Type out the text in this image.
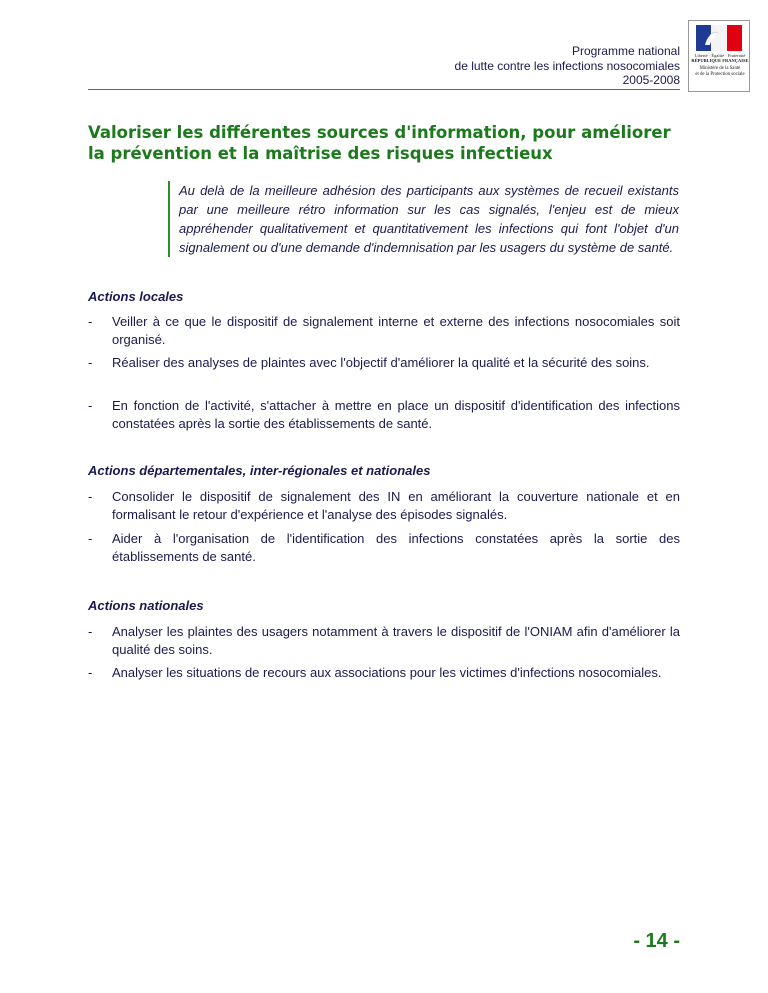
Programme national
de lutte contre les infections nosocomiales
2005-2008
Liberté · Égalité · Fraternité
RÉPUBLIQUE FRANÇAISE
Ministère de la Santé
et de la Protection sociale
Valoriser les différentes sources d'information, pour améliorer la prévention et la maîtrise des risques infectieux
Au delà de la meilleure adhésion des participants aux systèmes de recueil existants par une meilleure rétro information sur les cas signalés, l'enjeu est de mieux appréhender qualitativement et quantitativement les infections qui font l'objet d'un signalement ou d'une demande d'indemnisation par les usagers du système de santé.
Actions locales
- Veiller à ce que le dispositif de signalement interne et externe des infections nosocomiales soit organisé.
- Réaliser des analyses de plaintes avec l'objectif d'améliorer la qualité et la sécurité des soins.
- En fonction de l'activité, s'attacher à mettre en place un dispositif d'identification des infections constatées après la sortie des établissements de santé.
Actions départementales, inter-régionales et nationales
- Consolider le dispositif de signalement des IN en améliorant la couverture nationale et en formalisant le retour d'expérience et l'analyse des épisodes signalés.
- Aider à l'organisation de l'identification des infections constatées après la sortie des établissements de santé.
Actions nationales
- Analyser les plaintes des usagers notamment à travers le dispositif de l'ONIAM afin d'améliorer la qualité des soins.
- Analyser les situations de recours aux associations pour les victimes d'infections nosocomiales.
- 14 -
